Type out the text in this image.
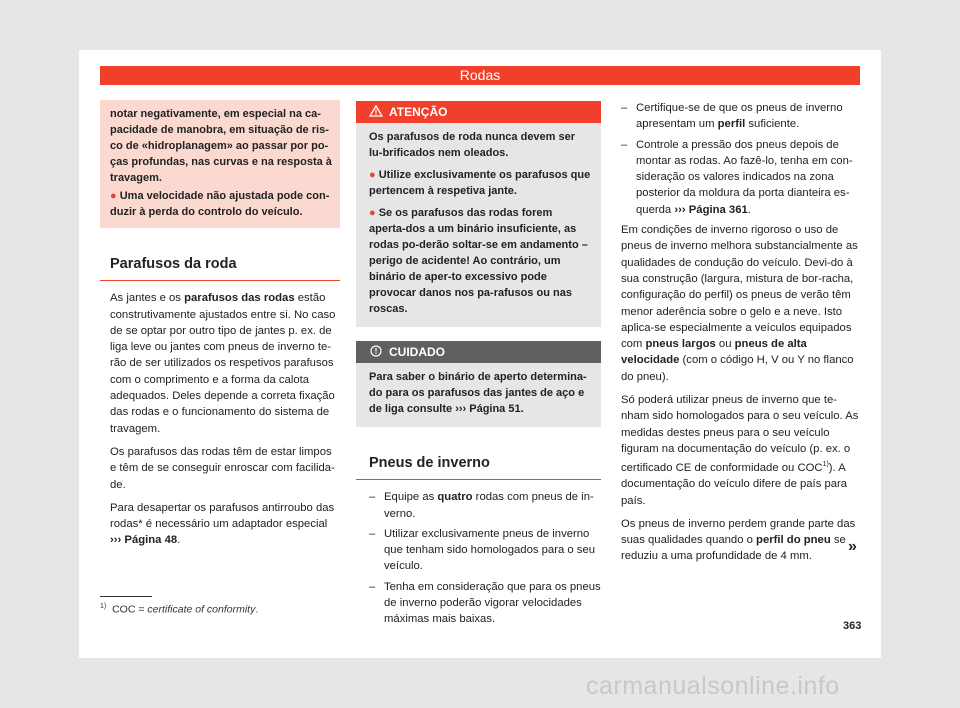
Rodas

notar negativamente, em especial na ca-pacidade de manobra, em situação de ris-co de «hidroplanagem» ao passar por po-ças profundas, nas curvas e na resposta à travagem.

● Uma velocidade não ajustada pode con-duzir à perda do controlo do veículo.
Parafusos da roda

As jantes e os parafusos das rodas estão construtivamente ajustados entre si. No caso de se optar por outro tipo de jantes p. ex. de liga leve ou jantes com pneus de inverno te-rão de ser utilizados os respetivos parafusos com o comprimento e a forma da calota adequados. Deles depende a correta fixação das rodas e o funcionamento do sistema de travagem.

Os parafusos das rodas têm de estar limpos e têm de se conseguir enroscar com facilida-de.

Para desapertar os parafusos antirroubo das rodas* é necessário um adaptador especial ››› Página 48.

ATENÇÃO

Os parafusos de roda nunca devem ser lu-brificados nem oleados.

● Utilize exclusivamente os parafusos que pertencem à respetiva jante.

● Se os parafusos das rodas forem aperta-dos a um binário insuficiente, as rodas po-derão soltar-se em andamento –perigo de acidente! Ao contrário, um binário de aper-to excessivo pode provocar danos nos pa-rafusos ou nas roscas.

CUIDADO
Para saber o binário de aperto determina-do para os parafusos das jantes de aço e de liga consulte ››› Página 51.
Pneus de inverno
– Equipe as quatro rodas com pneus de in-verno.
– Utilizar exclusivamente pneus de inverno que tenham sido homologados para o seu veículo.
– Tenha em consideração que para os pneus de inverno poderão vigorar velocidades máximas mais baixas.
– Certifique-se de que os pneus de inverno apresentam um perfil suficiente.
– Controle a pressão dos pneus depois de montar as rodas. Ao fazê-lo, tenha em con-sideração os valores indicados na zona posterior da moldura da porta dianteira es-querda ››› Página 361.

Em condições de inverno rigoroso o uso de pneus de inverno melhora substancialmente as qualidades de condução do veículo. Devi-do à sua construção (largura, mistura de bor-racha, configuração do perfil) os pneus de verão têm menor aderência sobre o gelo e a neve. Isto aplica-se especialmente a veículos equipados com pneus largos ou pneus de alta velocidade (com o código H, V ou Y no flanco do pneu).

Só poderá utilizar pneus de inverno que te-nham sido homologados para o seu veículo. As medidas destes pneus para o seu veículo figuram na documentação do veículo (p. ex. o certificado CE de conformidade ou COC$^{1)}$). A documentação do veículo difere de país para país.

Os pneus de inverno perdem grande parte das suas qualidades quando o perfil do pneu se reduziu a uma profundidade de 4 mm.

»
$^{1)}$ COC = certificate of conformity.
363
carmanualsonline.info
